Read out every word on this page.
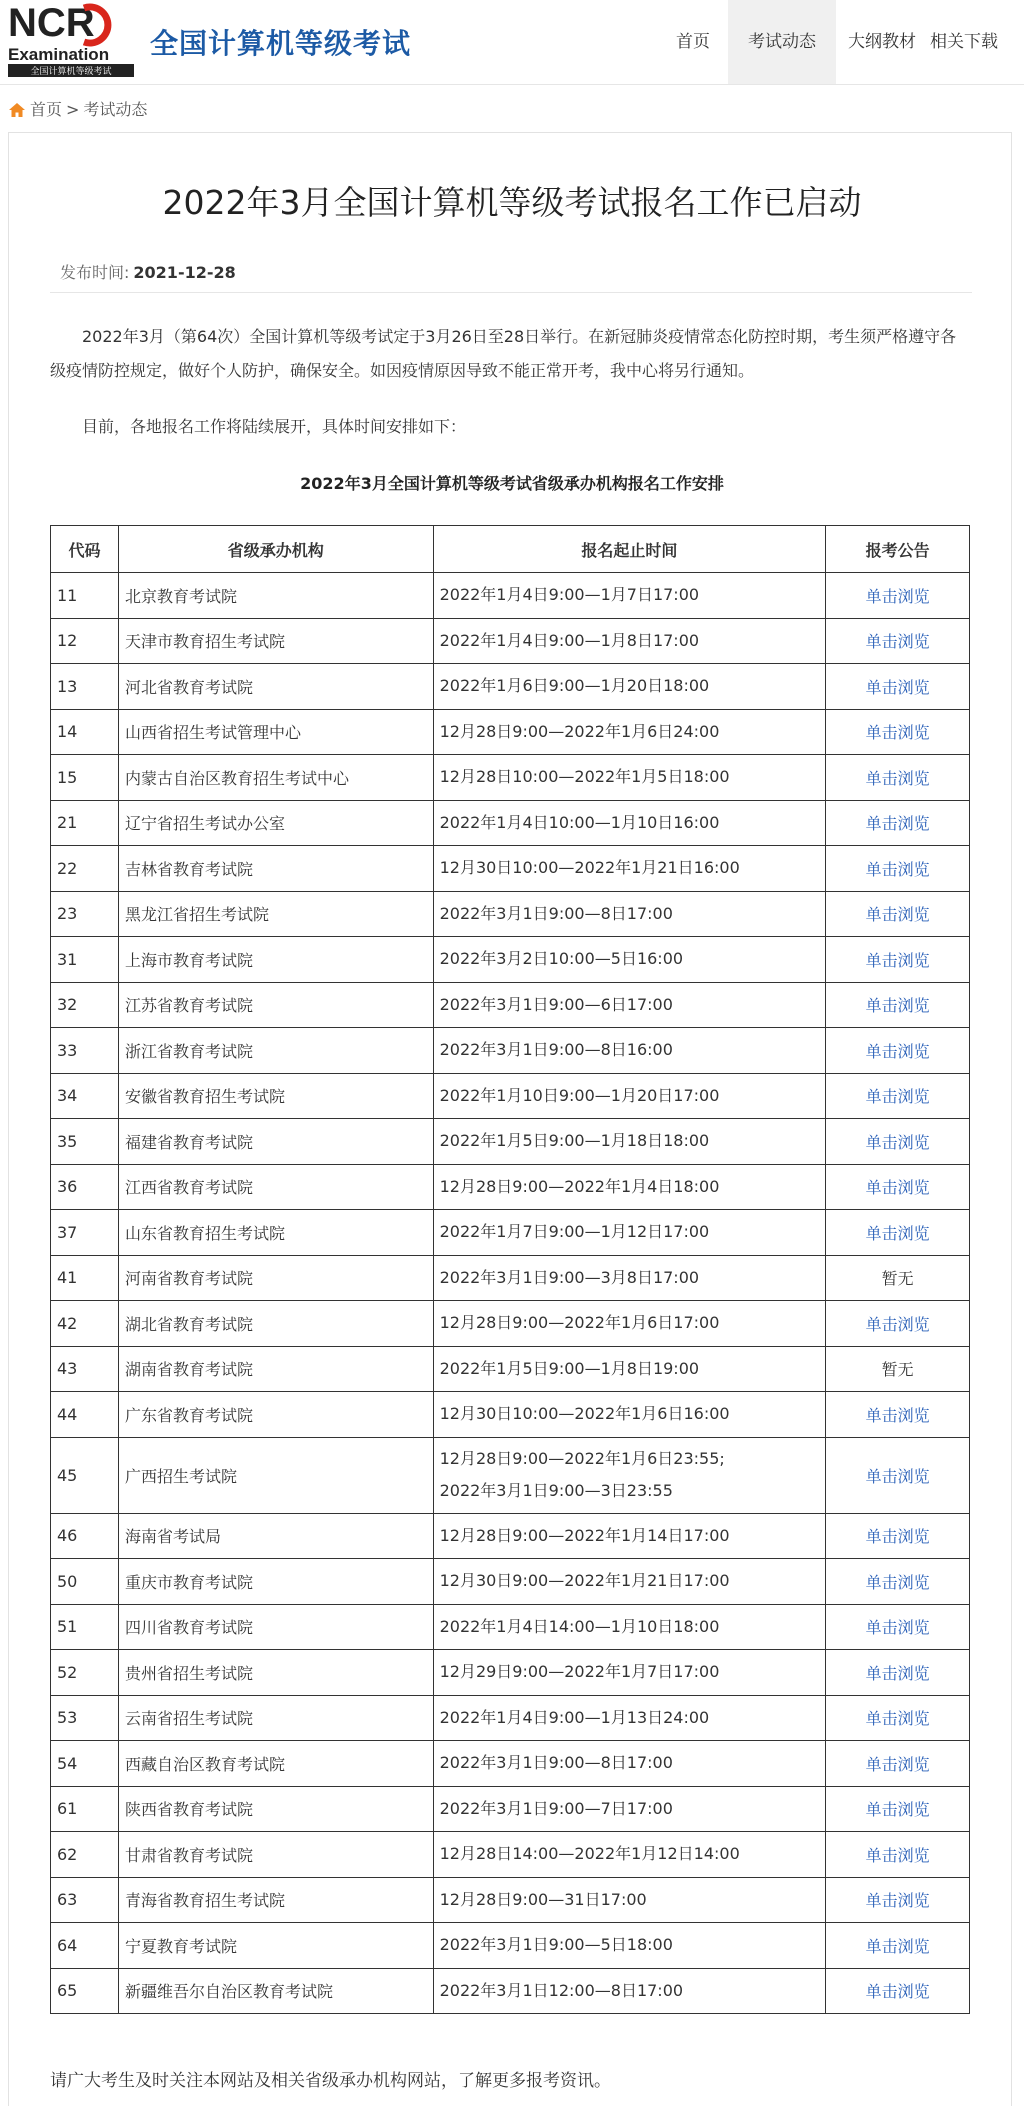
NCR
Examination
全国计算机等级考试
全国计算机等级考试	首页	考试动态	大纲教材 相关下载
首页 > 考试动态
2022年3月全国计算机等级考试报名工作已启动
发布时间: 2021-12-28

2022年3月（第64次）全国计算机等级考试定于3月26日至28日举行。在新冠肺炎疫情常态化防控时期，考生须严格遵守各级疫情防控规定，做好个人防护，确保安全。如因疫情原因导致不能正常开考，我中心将另行通知。

目前，各地报名工作将陆续展开，具体时间安排如下：

2022年3月全国计算机等级考试省级承办机构报名工作安排
代码	省级承办机构	报名起止时间	报考公告
11	北京教育考试院	2022年1月4日9:00—1月7日17:00	单击浏览
12	天津市教育招生考试院	2022年1月4日9:00—1月8日17:00	单击浏览
13	河北省教育考试院	2022年1月6日9:00—1月20日18:00	单击浏览
14	山西省招生考试管理中心	12月28日9:00—2022年1月6日24:00	单击浏览
15	内蒙古自治区教育招生考试中心	12月28日10:00—2022年1月5日18:00	单击浏览
21	辽宁省招生考试办公室	2022年1月4日10:00—1月10日16:00	单击浏览
22	吉林省教育考试院	12月30日10:00—2022年1月21日16:00	单击浏览
23	黑龙江省招生考试院	2022年3月1日9:00—8日17:00	单击浏览
31	上海市教育考试院	2022年3月2日10:00—5日16:00	单击浏览
32	江苏省教育考试院	2022年3月1日9:00—6日17:00	单击浏览
33	浙江省教育考试院	2022年3月1日9:00—8日16:00	单击浏览
34	安徽省教育招生考试院	2022年1月10日9:00—1月20日17:00	单击浏览
35	福建省教育考试院	2022年1月5日9:00—1月18日18:00	单击浏览
36	江西省教育考试院	12月28日9:00—2022年1月4日18:00	单击浏览
37	山东省教育招生考试院	2022年1月7日9:00—1月12日17:00	单击浏览
41	河南省教育考试院	2022年3月1日9:00—3月8日17:00	暂无
42	湖北省教育考试院	12月28日9:00—2022年1月6日17:00	单击浏览
43	湖南省教育考试院	2022年1月5日9:00—1月8日19:00	暂无
44	广东省教育考试院	12月30日10:00—2022年1月6日16:00	单击浏览
45	广西招生考试院	12月28日9:00—2022年1月6日23:55;
2022年3月1日9:00—3日23:55	单击浏览
46	海南省考试局	12月28日9:00—2022年1月14日17:00	单击浏览
50	重庆市教育考试院	12月30日9:00—2022年1月21日17:00	单击浏览
51	四川省教育考试院	2022年1月4日14:00—1月10日18:00	单击浏览
52	贵州省招生考试院	12月29日9:00—2022年1月7日17:00	单击浏览
53	云南省招生考试院	2022年1月4日9:00—1月13日24:00	单击浏览
54	西藏自治区教育考试院	2022年3月1日9:00—8日17:00	单击浏览
61	陕西省教育考试院	2022年3月1日9:00—7日17:00	单击浏览
62	甘肃省教育考试院	12月28日14:00—2022年1月12日14:00	单击浏览
63	青海省教育招生考试院	12月28日9:00—31日17:00	单击浏览
64	宁夏教育考试院	2022年3月1日9:00—5日18:00	单击浏览
65	新疆维吾尔自治区教育考试院	2022年3月1日12:00—8日17:00	单击浏览
请广大考生及时关注本网站及相关省级承办机构网站，了解更多报考资讯。
